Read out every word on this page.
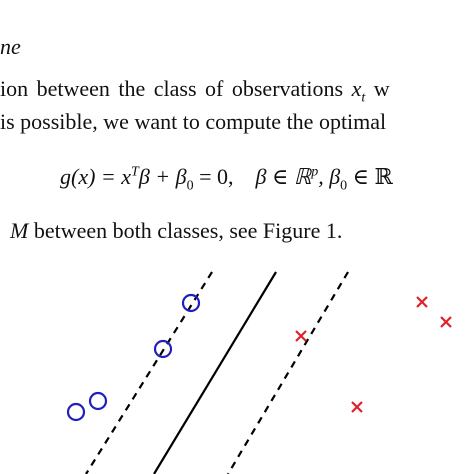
ne
ion between the class of observations $x_t$ w
is possible, we want to compute the optimal
$g(x) = x^T\beta + \beta_0 = 0$, β ∈ ℝ$^p$, $\beta_0$ ∈ ℝ
M between both classes, see Figure 1.
